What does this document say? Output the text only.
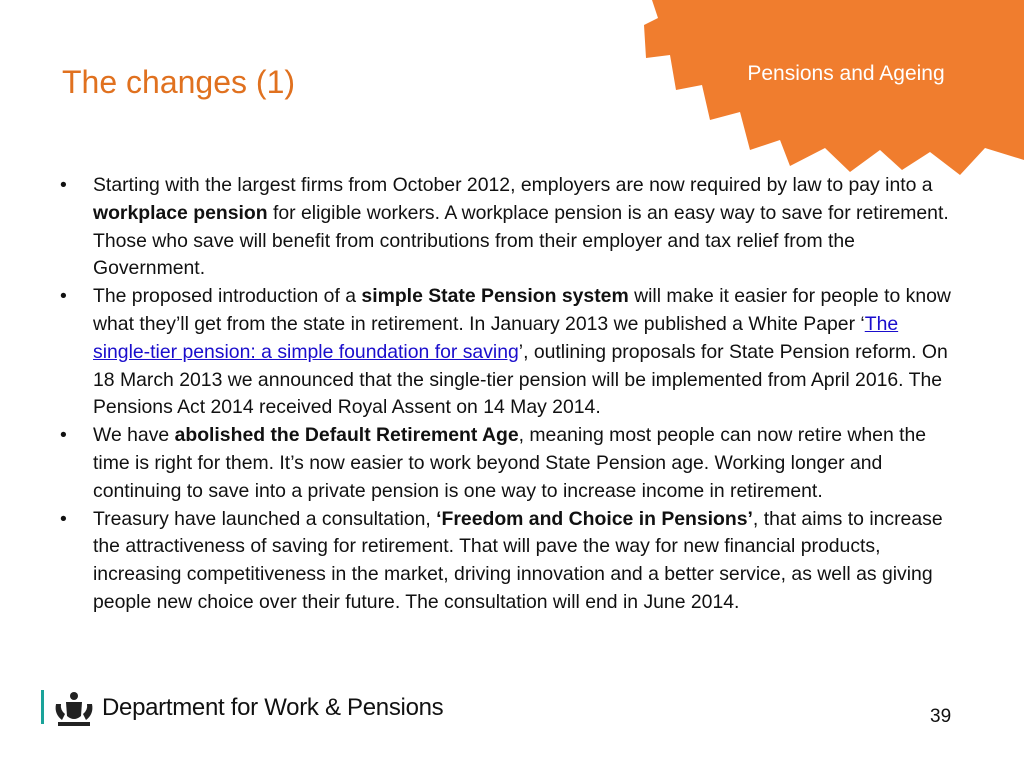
Pensions and Ageing
The changes (1)
• Starting with the largest firms from October 2012, employers are now required by law to pay into a workplace pension for eligible workers. A workplace pension is an easy way to save for retirement. Those who save will benefit from contributions from their employer and tax relief from the Government.
• The proposed introduction of a simple State Pension system will make it easier for people to know what they’ll get from the state in retirement. In January 2013 we published a White Paper ‘The single-tier pension: a simple foundation for saving’, outlining proposals for State Pension reform. On 18 March 2013 we announced that the single-tier pension will be implemented from April 2016. The Pensions Act 2014 received Royal Assent on 14 May 2014.
• We have abolished the Default Retirement Age, meaning most people can now retire when the time is right for them. It’s now easier to work beyond State Pension age. Working longer and continuing to save into a private pension is one way to increase income in retirement.
• Treasury have launched a consultation, ‘Freedom and Choice in Pensions’, that aims to increase the attractiveness of saving for retirement. That will pave the way for new financial products, increasing competitiveness in the market, driving innovation and a better service, as well as giving people new choice over their future. The consultation will end in June 2014.
Department for Work & Pensions	39
